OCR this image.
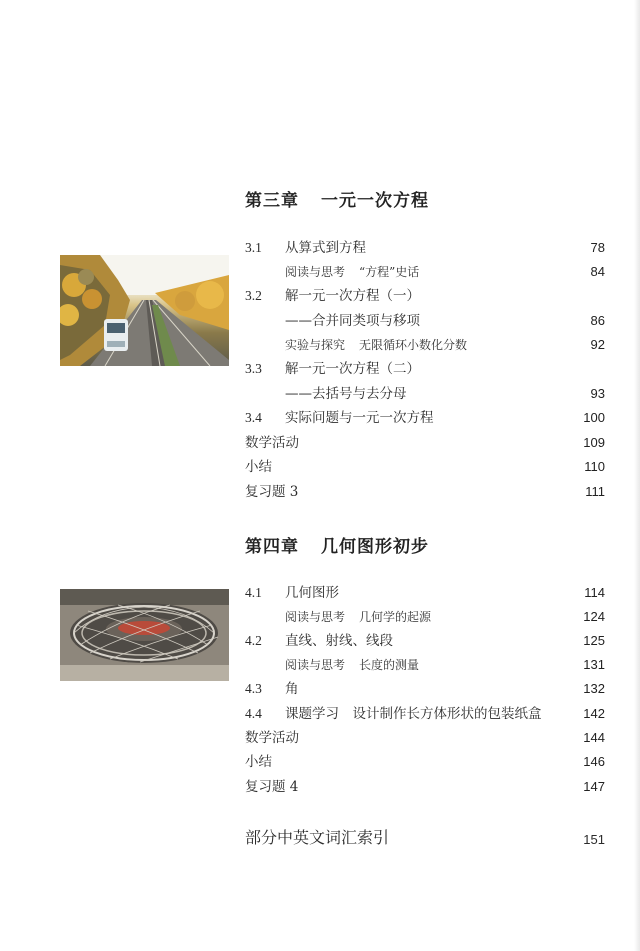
第三章 一元一次方程
3.1 从算式到方程	78
阅读与思考 “方程”史话	84
3.2 解一元一次方程（一）
——合并同类项与移项	86
实验与探究 无限循环小数化分数	92
3.3 解一元一次方程（二）
——去括号与去分母	93
3.4 实际问题与一元一次方程	100
数学活动	109
小结	110
复习题 3	111
第四章 几何图形初步
4.1 几何图形	114
阅读与思考 几何学的起源	124
4.2 直线、射线、线段	125
阅读与思考 长度的测量	131
4.3 角	132
4.4 课题学习　设计制作长方体形状的包装纸盒	142
数学活动	144
小结	146
复习题 4	147
部分中英文词汇索引	151
